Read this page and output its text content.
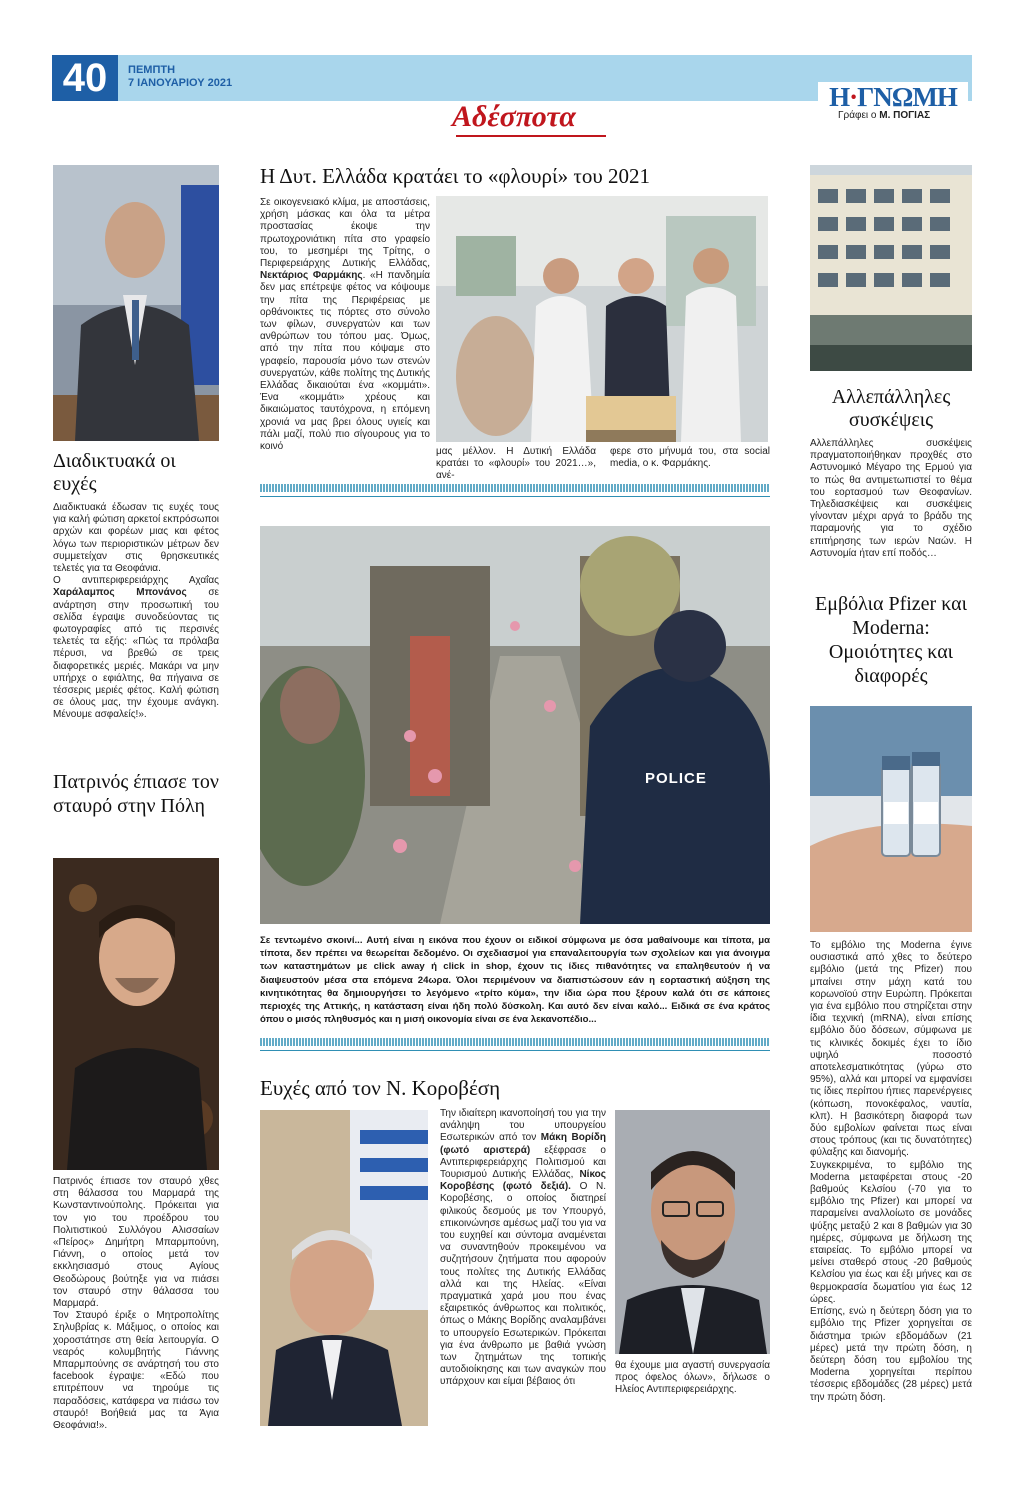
40	ΠΕΜΠΤΗ
7 ΙΑΝΟΥΑΡΙΟΥ 2021
Αδέσποτα
Η·ΓΝΩΜΗ
Γράφει ο Μ. ΠΟΓΙΑΣ
Διαδικτυακά οι ευχές

Διαδικτυακά έδωσαν τις ευχές τους για καλή φώτιση αρκετοί εκπρόσωποι αρχών και φορέων μιας και φέτος λόγω των περιοριστικών μέτρων δεν συμμετείχαν στις θρησκευτικές τελετές για τα Θεοφάνια.

Ο αντιπεριφερειάρχης Αχαΐας Χαράλαμπος Μπονάνος σε ανάρτηση στην προσωπική του σελίδα έγραψε συνοδεύοντας τις φωτογραφίες από τις περσινές τελετές τα εξής: «Πώς τα πρόλαβα πέρυσι, να βρεθώ σε τρεις διαφορετικές μεριές. Μακάρι να μην υπήρχε ο εφιάλτης, θα πήγαινα σε τέσσερις μεριές φέτος. Καλή φώτιση σε όλους μας, την έχουμε ανάγκη. Μένουμε ασφαλείς!».

Πατρινός έπιασε τον σταυρό στην Πόλη

Πατρινός έπιασε τον σταυρό χθες στη θάλασσα του Μαρμαρά της Κωνσταντινούπολης. Πρόκειται για τον γιο του προέδρου του Πολιτιστικού Συλλόγου Αλισσαίων «Πείρος» Δημήτρη Μπαρμπούνη, Γιάννη, ο οποίος μετά τον εκκλησιασμό στους Αγίους Θεοδώρους βούτηξε για να πιάσει τον σταυρό στην θάλασσα του Μαρμαρά.

Τον Σταυρό έριξε ο Μητροπολίτης Σηλυβρίας κ. Μάξιμος, ο οποίος και χοροστάτησε στη θεία λειτουργία. Ο νεαρός κολυμβητής Γιάννης Μπαρμπούνης σε ανάρτησή του στο facebook έγραψε: «Εδώ που επιτρέπουν να τηρούμε τις παραδόσεις, κατάφερα να πιάσω τον σταυρό! Βοήθειά μας τα Άγια Θεοφάνια!».

Η Δυτ. Ελλάδα κρατάει το «φλουρί» του 2021

Σε οικογενειακό κλίμα, με αποστάσεις, χρήση μάσκας και όλα τα μέτρα προστασίας έκοψε την πρωτοχρονιάτικη πίτα στο γραφείο του, το μεσημέρι της Τρίτης, ο Περιφερειάρχης Δυτικής Ελλάδας, Νεκτάριος Φαρμάκης. «Η πανδημία δεν μας επέτρεψε φέτος να κόψουμε την πίτα της Περιφέρειας με ορθάνοικτες τις πόρτες στο σύνολο των φίλων, συνεργατών και των ανθρώπων του τόπου μας. Όμως, από την πίτα που κόψαμε στο γραφείο, παρουσία μόνο των στενών συνεργατών, κάθε πολίτης της Δυτικής Ελλάδας δικαιούται ένα «κομμάτι». Ένα «κομμάτι» χρέους και δικαιώματος ταυτόχρονα, η επόμενη χρονιά να μας βρει όλους υγιείς και πάλι μαζί, πολύ πιο σίγουρους για το κοινό	μας μέλλον. Η Δυτική Ελλάδα κρατάει το «φλουρί» του 2021…», ανέ-

φερε στο μήνυμά του, στα social media, ο κ. Φαρμάκης.

POLICE
Σε τεντωμένο σκοινί... Αυτή είναι η εικόνα που έχουν οι ειδικοί σύμφωνα με όσα μαθαίνουμε και τίποτα, μα τίποτα, δεν πρέπει να θεωρείται δεδομένο. Οι σχεδιασμοί για επαναλειτουργία των σχολείων και για άνοιγμα των καταστημάτων με click away ή click in shop, έχουν τις ίδιες πιθανότητες να επαληθευτούν ή να διαψευστούν μέσα στα επόμενα 24ωρα. Όλοι περιμένουν να διαπιστώσουν εάν η εορταστική αύξηση της κινητικότητας θα δημιουργήσει το λεγόμενο «τρίτο κύμα», την ίδια ώρα που ξέρουν καλά ότι σε κάποιες περιοχές της Αττικής, η κατάσταση είναι ήδη πολύ δύσκολη. Και αυτό δεν είναι καλό... Ειδικά σε ένα κράτος όπου ο μισός πληθυσμός και η μισή οικονομία είναι σε ένα λεκανοπέδιο...
Ευχές από τον Ν. Κοροβέση

Την ιδιαίτερη ικανοποίησή του για την ανάληψη του υπουργείου Εσωτερικών από τον Μάκη Βορίδη (φωτό αριστερά) εξέφρασε ο Αντιπεριφερειάρχης Πολιτισμού και Τουρισμού Δυτικής Ελλάδας, Νίκος Κοροβέσης (φωτό δεξιά). Ο Ν. Κοροβέσης, ο οποίος διατηρεί φιλικούς δεσμούς με τον Υπουργό, επικοινώνησε αμέσως μαζί του για να του ευχηθεί και σύντομα αναμένεται να συναντηθούν προκειμένου να συζητήσουν ζητήματα που αφορούν τους πολίτες της Δυτικής Ελλάδας αλλά και της Ηλείας. «Είναι πραγματικά χαρά μου που ένας εξαιρετικός άνθρωπος και πολιτικός, όπως ο Μάκης Βορίδης αναλαμβάνει το υπουργείο Εσωτερικών. Πρόκειται για ένα άνθρωπο με βαθιά γνώση των ζητημάτων της τοπικής αυτοδιοίκησης και των αναγκών που υπάρχουν και είμαι βέβαιος ότι

θα έχουμε μια αγαστή συνεργασία προς όφελος όλων», δήλωσε ο Ηλείος Αντιπεριφερειάρχης.

Αλλεπάλληλες συσκέψεις

Αλλεπάλληλες συσκέψεις πραγματοποιήθηκαν προχθές στο Αστυνομικό Μέγαρο της Ερμού για το πώς θα αντιμετωπιστεί το θέμα του εορτασμού των Θεοφανίων. Τηλεδιασκέψεις και συσκέψεις γίνονταν μέχρι αργά το βράδυ της παραμονής για το σχέδιο επιτήρησης των ιερών Ναών. Η Αστυνομία ήταν επί ποδός…

Εμβόλια Pfizer και Moderna: Ομοιότητες και διαφορές

Το εμβόλιο της Moderna έγινε ουσιαστικά από χθες το δεύτερο εμβόλιο (μετά της Pfizer) που μπαίνει στην μάχη κατά του κορωνοϊού στην Ευρώπη. Πρόκειται για ένα εμβόλιο που στηρίζεται στην ίδια τεχνική (mRNA), είναι επίσης εμβόλιο δύο δόσεων, σύμφωνα με τις κλινικές δοκιμές έχει το ίδιο υψηλό ποσοστό αποτελεσματικότητας (γύρω στο 95%), αλλά και μπορεί να εμφανίσει τις ίδιες περίπου ήπιες παρενέργειες (κόπωση, πονοκέφαλος, ναυτία, κλπ). Η βασικότερη διαφορά των δύο εμβολίων φαίνεται πως είναι στους τρόπους (και τις δυνατότητες) φύλαξης και διανομής.

Συγκεκριμένα, το εμβόλιο της Moderna μεταφέρεται στους -20 βαθμούς Κελσίου (-70 για το εμβόλιο της Pfizer) και μπορεί να παραμείνει αναλλοίωτο σε μονάδες ψύξης μεταξύ 2 και 8 βαθμών για 30 ημέρες, σύμφωνα με δήλωση της εταιρείας. Το εμβόλιο μπορεί να μείνει σταθερό στους -20 βαθμούς Κελσίου για έως και έξι μήνες και σε θερμοκρασία δωματίου για έως 12 ώρες.

Επίσης, ενώ η δεύτερη δόση για το εμβόλιο της Pfizer χορηγείται σε διάστημα τριών εβδομάδων (21 μέρες) μετά την πρώτη δόση, η δεύτερη δόση του εμβολίου της Moderna χορηγείται περίπου τέσσερις εβδομάδες (28 μέρες) μετά την πρώτη δόση.
